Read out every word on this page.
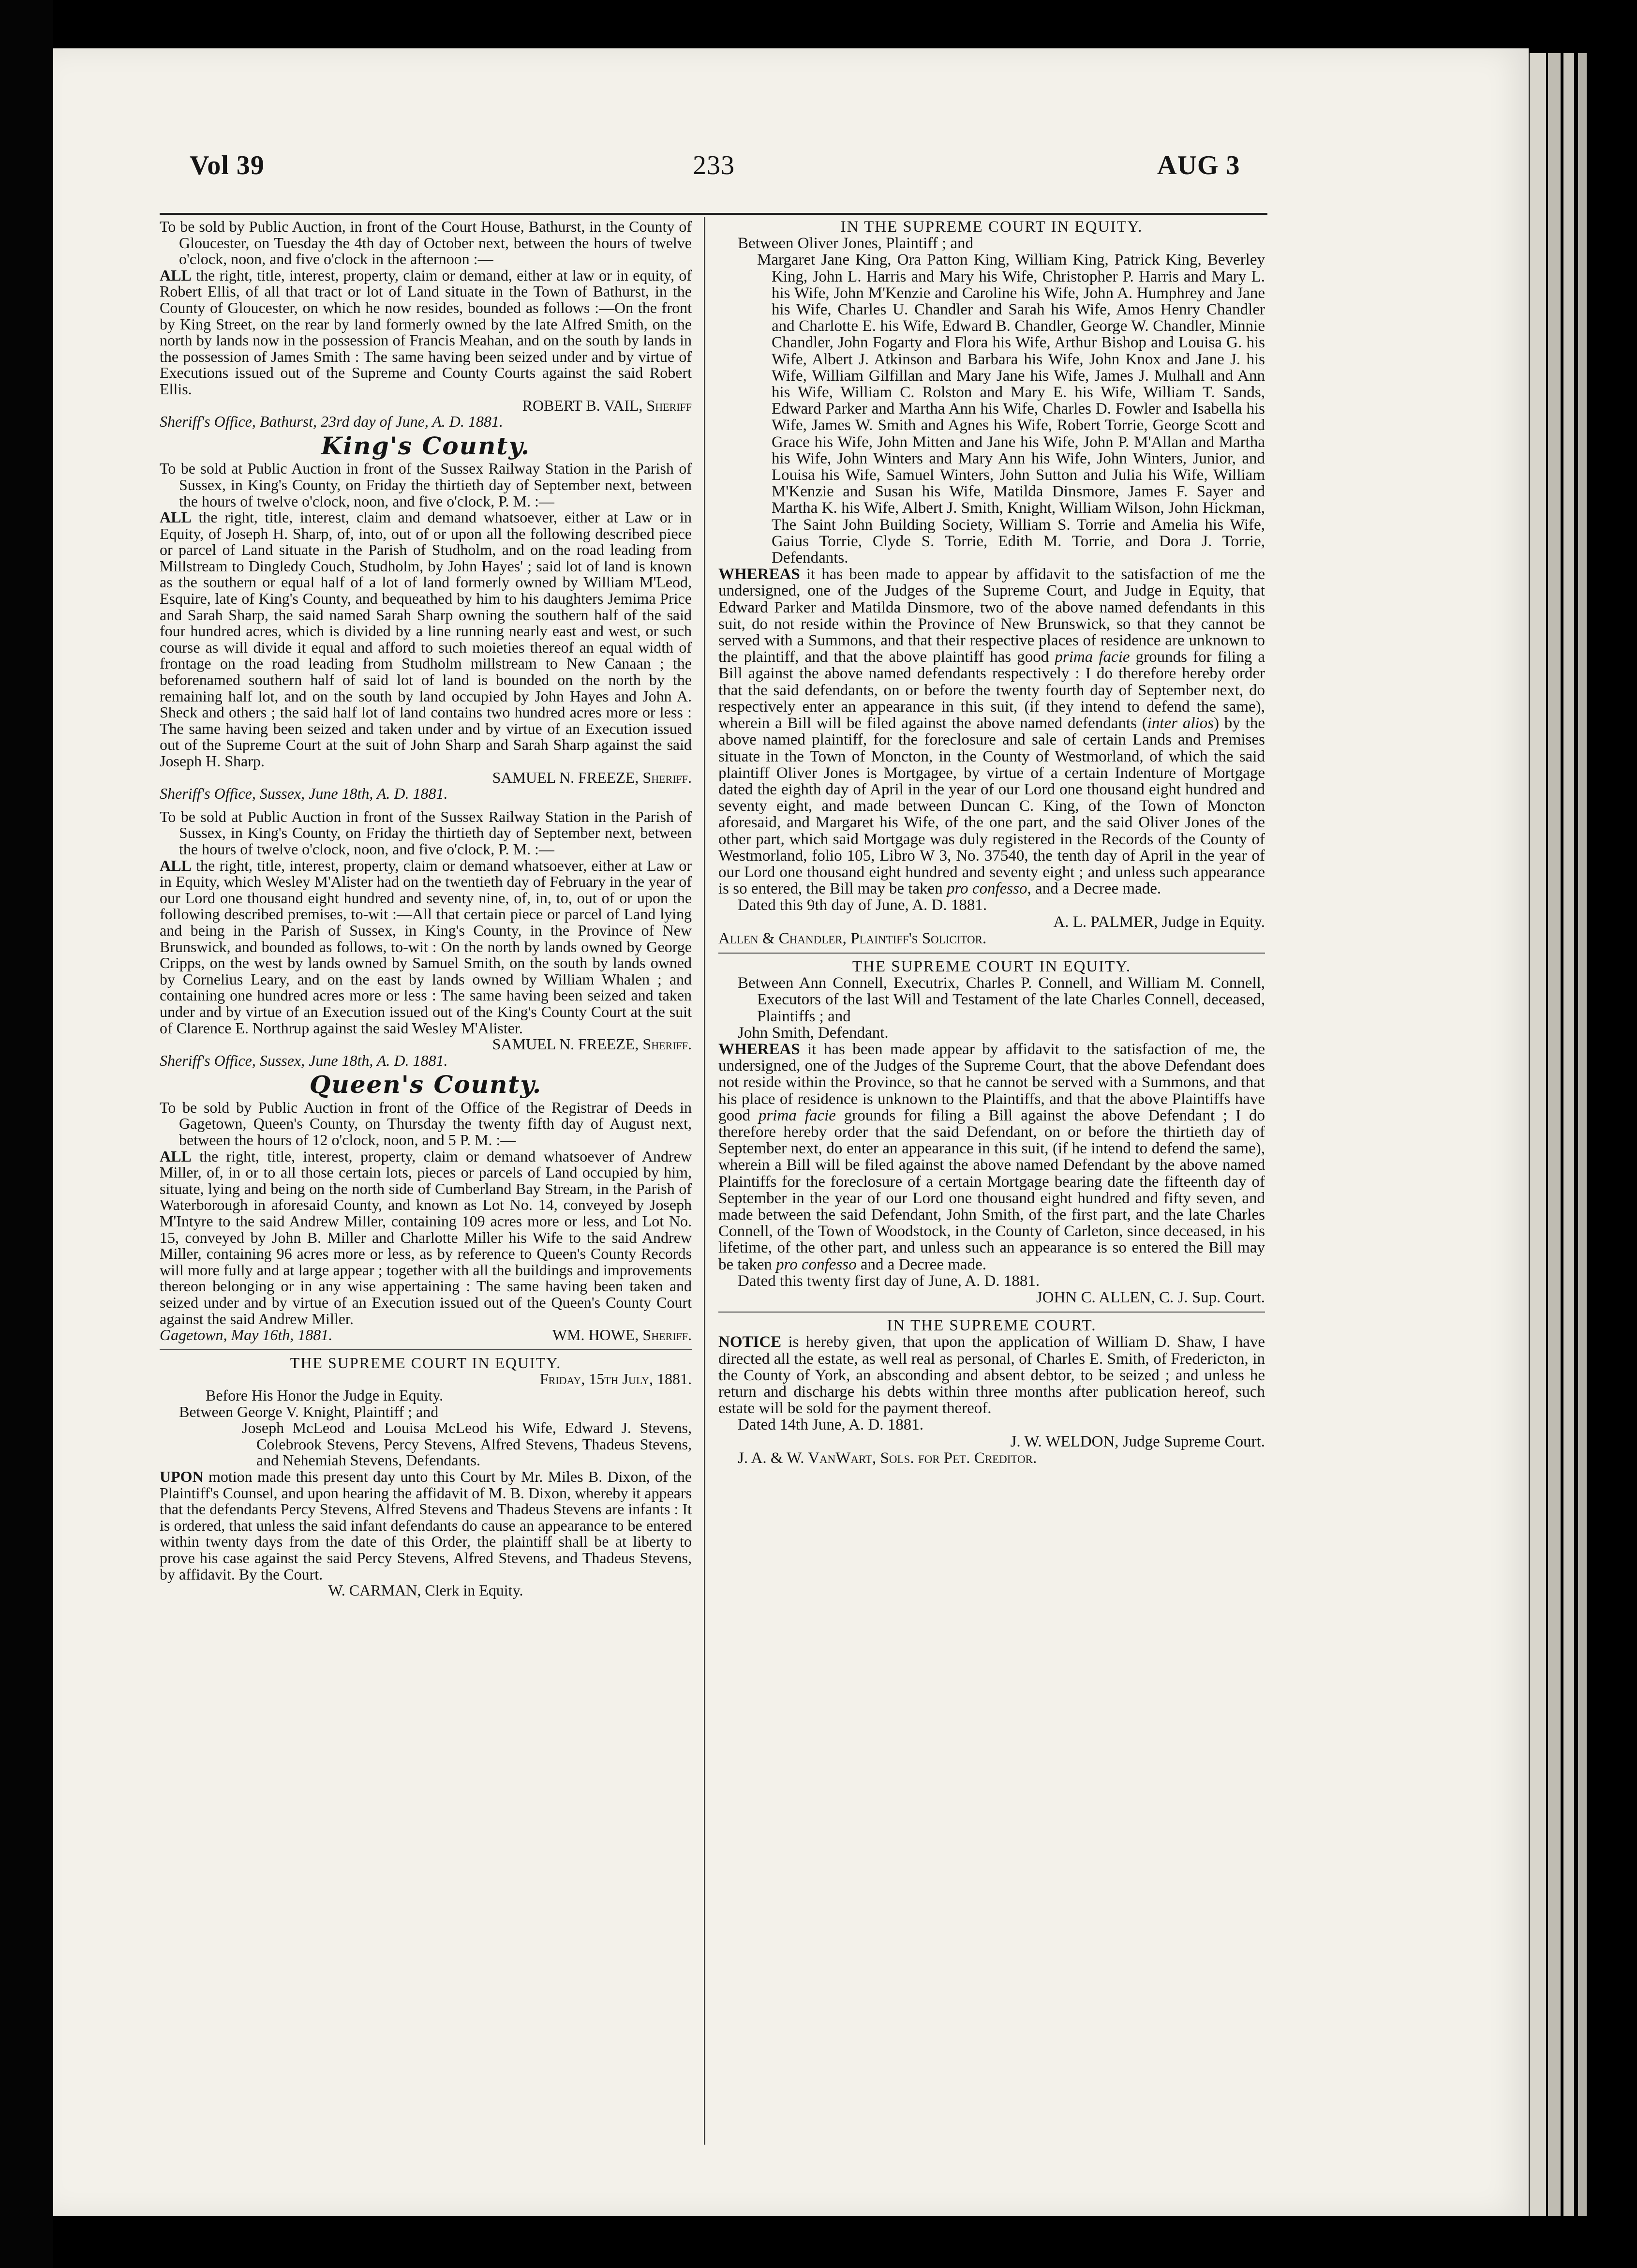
Vol 39	233	AUG 3

To be sold by Public Auction, in front of the Court House, Bathurst, in the County of Gloucester, on Tuesday the 4th day of October next, between the hours of twelve o'clock, noon, and five o'clock in the afternoon :—

ALL the right, title, interest, property, claim or demand, either at law or in equity, of Robert Ellis, of all that tract or lot of Land situate in the Town of Bathurst, in the County of Gloucester, on which he now resides, bounded as follows :—On the front by King Street, on the rear by land formerly owned by the late Alfred Smith, on the north by lands now in the possession of Francis Meahan, and on the south by lands in the possession of James Smith : The same having been seized under and by virtue of Executions issued out of the Supreme and County Courts against the said Robert Ellis.

ROBERT B. VAIL, Sheriff

Sheriff's Office, Bathurst, 23rd day of June, A. D. 1881.

King's County.

To be sold at Public Auction in front of the Sussex Railway Station in the Parish of Sussex, in King's County, on Friday the thirtieth day of September next, between the hours of twelve o'clock, noon, and five o'clock, P. M. :—

ALL the right, title, interest, claim and demand whatsoever, either at Law or in Equity, of Joseph H. Sharp, of, into, out of or upon all the following described piece or parcel of Land situate in the Parish of Studholm, and on the road leading from Millstream to Dingledy Couch, Studholm, by John Hayes' ; said lot of land is known as the southern or equal half of a lot of land formerly owned by William M'Leod, Esquire, late of King's County, and bequeathed by him to his daughters Jemima Price and Sarah Sharp, the said named Sarah Sharp owning the southern half of the said four hundred acres, which is divided by a line running nearly east and west, or such course as will divide it equal and afford to such moieties thereof an equal width of frontage on the road leading from Studholm millstream to New Canaan ; the beforenamed southern half of said lot of land is bounded on the north by the remaining half lot, and on the south by land occupied by John Hayes and John A. Sheck and others ; the said half lot of land contains two hundred acres more or less : The same having been seized and taken under and by virtue of an Execution issued out of the Supreme Court at the suit of John Sharp and Sarah Sharp against the said Joseph H. Sharp.

SAMUEL N. FREEZE, Sheriff.

Sheriff's Office, Sussex, June 18th, A. D. 1881.

To be sold at Public Auction in front of the Sussex Railway Station in the Parish of Sussex, in King's County, on Friday the thirtieth day of September next, between the hours of twelve o'clock, noon, and five o'clock, P. M. :—

ALL the right, title, interest, property, claim or demand whatsoever, either at Law or in Equity, which Wesley M'Alister had on the twentieth day of February in the year of our Lord one thousand eight hundred and seventy nine, of, in, to, out of or upon the following described premises, to-wit :—All that certain piece or parcel of Land lying and being in the Parish of Sussex, in King's County, in the Province of New Brunswick, and bounded as follows, to-wit : On the north by lands owned by George Cripps, on the west by lands owned by Samuel Smith, on the south by lands owned by Cornelius Leary, and on the east by lands owned by William Whalen ; and containing one hundred acres more or less : The same having been seized and taken under and by virtue of an Execution issued out of the King's County Court at the suit of Clarence E. Northrup against the said Wesley M'Alister.

SAMUEL N. FREEZE, Sheriff.

Sheriff's Office, Sussex, June 18th, A. D. 1881.

Queen's County.

To be sold by Public Auction in front of the Office of the Registrar of Deeds in Gagetown, Queen's County, on Thursday the twenty fifth day of August next, between the hours of 12 o'clock, noon, and 5 P. M. :—

ALL the right, title, interest, property, claim or demand whatsoever of Andrew Miller, of, in or to all those certain lots, pieces or parcels of Land occupied by him, situate, lying and being on the north side of Cumberland Bay Stream, in the Parish of Waterborough in aforesaid County, and known as Lot No. 14, conveyed by Joseph M'Intyre to the said Andrew Miller, containing 109 acres more or less, and Lot No. 15, conveyed by John B. Miller and Charlotte Miller his Wife to the said Andrew Miller, containing 96 acres more or less, as by reference to Queen's County Records will more fully and at large appear ; together with all the buildings and improvements thereon belonging or in any wise appertaining : The same having been taken and seized under and by virtue of an Execution issued out of the Queen's County Court against the said Andrew Miller.

Gagetown, May 16th, 1881.	WM. HOWE, Sheriff.

THE SUPREME COURT IN EQUITY.

Friday, 15th July, 1881.

Before His Honor the Judge in Equity.

Between George V. Knight, Plaintiff ; and

Joseph McLeod and Louisa McLeod his Wife, Edward J. Stevens, Colebrook Stevens, Percy Stevens, Alfred Stevens, Thadeus Stevens, and Nehemiah Stevens, Defendants.

UPON motion made this present day unto this Court by Mr. Miles B. Dixon, of the Plaintiff's Counsel, and upon hearing the affidavit of M. B. Dixon, whereby it appears that the defendants Percy Stevens, Alfred Stevens and Thadeus Stevens are infants : It is ordered, that unless the said infant defendants do cause an appearance to be entered within twenty days from the date of this Order, the plaintiff shall be at liberty to prove his case against the said Percy Stevens, Alfred Stevens, and Thadeus Stevens, by affidavit. By the Court.

W. CARMAN, Clerk in Equity.

IN THE SUPREME COURT IN EQUITY.

Between Oliver Jones, Plaintiff ; and

Margaret Jane King, Ora Patton King, William King, Patrick King, Beverley King, John L. Harris and Mary his Wife, Christopher P. Harris and Mary L. his Wife, John M'Kenzie and Caroline his Wife, John A. Humphrey and Jane his Wife, Charles U. Chandler and Sarah his Wife, Amos Henry Chandler and Charlotte E. his Wife, Edward B. Chandler, George W. Chandler, Minnie Chandler, John Fogarty and Flora his Wife, Arthur Bishop and Louisa G. his Wife, Albert J. Atkinson and Barbara his Wife, John Knox and Jane J. his Wife, William Gilfillan and Mary Jane his Wife, James J. Mulhall and Ann his Wife, William C. Rolston and Mary E. his Wife, William T. Sands, Edward Parker and Martha Ann his Wife, Charles D. Fowler and Isabella his Wife, James W. Smith and Agnes his Wife, Robert Torrie, George Scott and Grace his Wife, John Mitten and Jane his Wife, John P. M'Allan and Martha his Wife, John Winters and Mary Ann his Wife, John Winters, Junior, and Louisa his Wife, Samuel Winters, John Sutton and Julia his Wife, William M'Kenzie and Susan his Wife, Matilda Dinsmore, James F. Sayer and Martha K. his Wife, Albert J. Smith, Knight, William Wilson, John Hickman, The Saint John Building Society, William S. Torrie and Amelia his Wife, Gaius Torrie, Clyde S. Torrie, Edith M. Torrie, and Dora J. Torrie, Defendants.

WHEREAS it has been made to appear by affidavit to the satisfaction of me the undersigned, one of the Judges of the Supreme Court, and Judge in Equity, that Edward Parker and Matilda Dinsmore, two of the above named defendants in this suit, do not reside within the Province of New Brunswick, so that they cannot be served with a Summons, and that their respective places of residence are unknown to the plaintiff, and that the above plaintiff has good prima facie grounds for filing a Bill against the above named defendants respectively : I do therefore hereby order that the said defendants, on or before the twenty fourth day of September next, do respectively enter an appearance in this suit, (if they intend to defend the same), wherein a Bill will be filed against the above named defendants (inter alios) by the above named plaintiff, for the foreclosure and sale of certain Lands and Premises situate in the Town of Moncton, in the County of Westmorland, of which the said plaintiff Oliver Jones is Mortgagee, by virtue of a certain Indenture of Mortgage dated the eighth day of April in the year of our Lord one thousand eight hundred and seventy eight, and made between Duncan C. King, of the Town of Moncton aforesaid, and Margaret his Wife, of the one part, and the said Oliver Jones of the other part, which said Mortgage was duly registered in the Records of the County of Westmorland, folio 105, Libro W 3, No. 37540, the tenth day of April in the year of our Lord one thousand eight hundred and seventy eight ; and unless such appearance is so entered, the Bill may be taken pro confesso, and a Decree made.

Dated this 9th day of June, A. D. 1881.

A. L. PALMER, Judge in Equity.

Allen & Chandler, Plaintiff's Solicitor.

THE SUPREME COURT IN EQUITY.

Between Ann Connell, Executrix, Charles P. Connell, and William M. Connell, Executors of the last Will and Testament of the late Charles Connell, deceased, Plaintiffs ; and

John Smith, Defendant.

WHEREAS it has been made appear by affidavit to the satisfaction of me, the undersigned, one of the Judges of the Supreme Court, that the above Defendant does not reside within the Province, so that he cannot be served with a Summons, and that his place of residence is unknown to the Plaintiffs, and that the above Plaintiffs have good prima facie grounds for filing a Bill against the above Defendant ; I do therefore hereby order that the said Defendant, on or before the thirtieth day of September next, do enter an appearance in this suit, (if he intend to defend the same), wherein a Bill will be filed against the above named Defendant by the above named Plaintiffs for the foreclosure of a certain Mortgage bearing date the fifteenth day of September in the year of our Lord one thousand eight hundred and fifty seven, and made between the said Defendant, John Smith, of the first part, and the late Charles Connell, of the Town of Woodstock, in the County of Carleton, since deceased, in his lifetime, of the other part, and unless such an appearance is so entered the Bill may be taken pro confesso and a Decree made.

Dated this twenty first day of June, A. D. 1881.

JOHN C. ALLEN, C. J. Sup. Court.

IN THE SUPREME COURT.

NOTICE is hereby given, that upon the application of William D. Shaw, I have directed all the estate, as well real as personal, of Charles E. Smith, of Fredericton, in the County of York, an absconding and absent debtor, to be seized ; and unless he return and discharge his debts within three months after publication hereof, such estate will be sold for the payment thereof.

Dated 14th June, A. D. 1881.

J. W. WELDON, Judge Supreme Court.

J. A. & W. VanWart, Sols. for Pet. Creditor.
